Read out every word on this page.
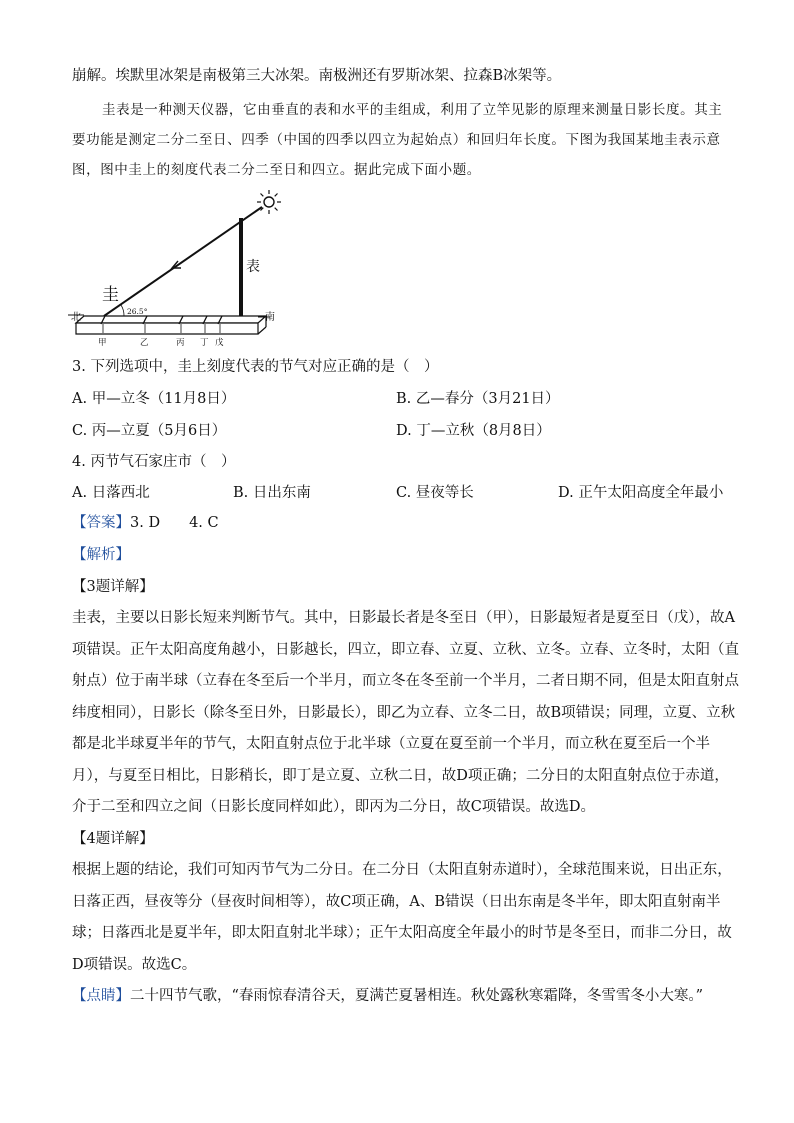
崩解。埃默里冰架是南极第三大冰架。南极洲还有罗斯冰架、拉森B冰架等。
圭表是一种测天仪器，它由垂直的表和水平的圭组成，利用了立竿见影的原理来测量日影长度。其主
要功能是测定二分二至日、四季（中国的四季以四立为起始点）和回归年长度。下图为我国某地圭表示意
图，图中圭上的刻度代表二分二至日和四立。据此完成下面小题。
圭
表
北	南
26.5°
甲	乙	丙 丁 戊
3. 下列选项中，圭上刻度代表的节气对应正确的是（　）
A. 甲—立冬（11月8日）	B. 乙—春分（3月21日）
C. 丙—立夏（5月6日）	D. 丁—立秋（8月8日）
4. 丙节气石家庄市（　）
A. 日落西北	B. 日出东南	C. 昼夜等长	D. 正午太阳高度全年最小
【答案】3. D　　4. C
【解析】
【3题详解】
圭表，主要以日影长短来判断节气。其中，日影最长者是冬至日（甲），日影最短者是夏至日（戊），故A
项错误。正午太阳高度角越小，日影越长，四立，即立春、立夏、立秋、立冬。立春、立冬时，太阳（直
射点）位于南半球（立春在冬至后一个半月，而立冬在冬至前一个半月，二者日期不同，但是太阳直射点
纬度相同），日影长（除冬至日外，日影最长），即乙为立春、立冬二日，故B项错误；同理，立夏、立秋
都是北半球夏半年的节气，太阳直射点位于北半球（立夏在夏至前一个半月，而立秋在夏至后一个半
月），与夏至日相比，日影稍长，即丁是立夏、立秋二日，故D项正确；二分日的太阳直射点位于赤道，
介于二至和四立之间（日影长度同样如此），即丙为二分日，故C项错误。故选D。
【4题详解】
根据上题的结论，我们可知丙节气为二分日。在二分日（太阳直射赤道时），全球范围来说，日出正东，
日落正西，昼夜等分（昼夜时间相等），故C项正确，A、B错误（日出东南是冬半年，即太阳直射南半
球；日落西北是夏半年，即太阳直射北半球）；正午太阳高度全年最小的时节是冬至日，而非二分日，故
D项错误。故选C。
【点睛】二十四节气歌，“春雨惊春清谷天，夏满芒夏暑相连。秋处露秋寒霜降，冬雪雪冬小大寒。”
